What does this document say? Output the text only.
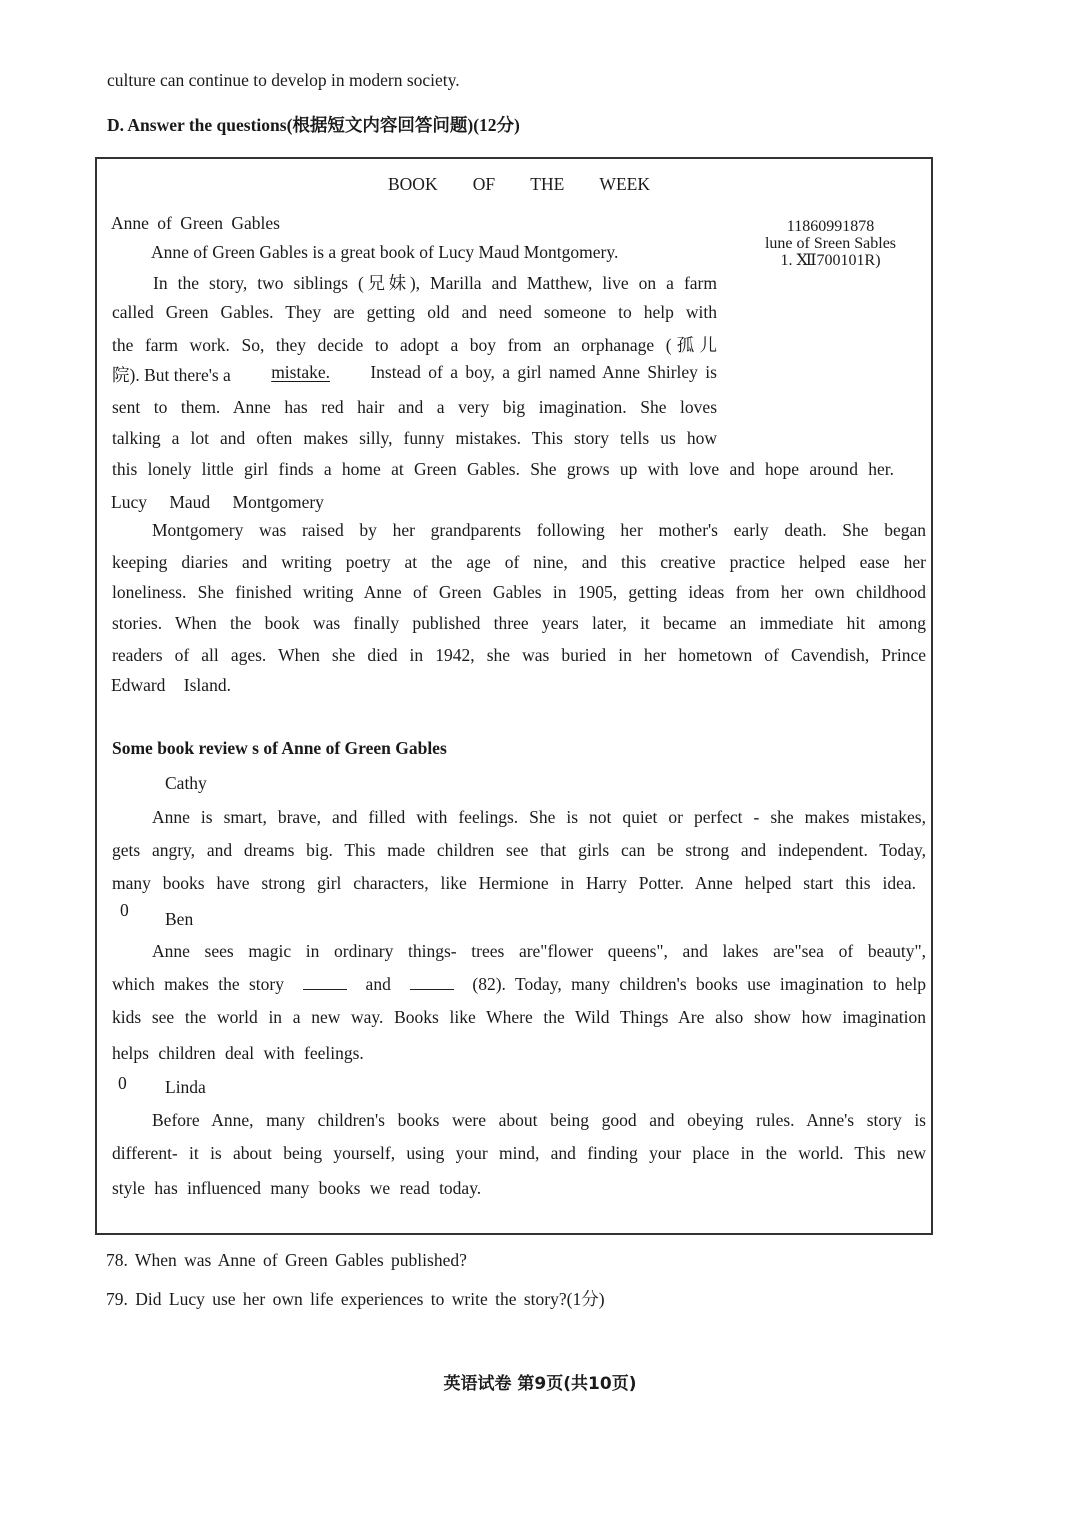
culture can continue to develop in modern society.
D. Answer the questions(根据短文内容回答问题)(12分)
BOOK OF THE WEEK
11860991878
lune of Sreen Sables
1. Ⅻ700101R)
Anne of Green Gables
Anne of Green Gables is a great book of Lucy Maud Montgomery.
In the story, two siblings (兄妹), Marilla and Matthew, live on a farm
called Green Gables. They are getting old and need someone to help with
the farm work. So, they decide to adopt a boy from an orphanage (孤儿
院). But there's a mistake. Instead of a boy, a girl named Anne Shirley is
sent to them. Anne has red hair and a very big imagination. She loves
talking a lot and often makes silly, funny mistakes. This story tells us how
this lonely little girl finds a home at Green Gables. She grows up with love and hope around her.
Lucy Maud Montgomery
Montgomery was raised by her grandparents following her mother's early death. She began
keeping diaries and writing poetry at the age of nine, and this creative practice helped ease her
loneliness. She finished writing Anne of Green Gables in 1905, getting ideas from her own childhood
stories. When the book was finally published three years later, it became an immediate hit among
readers of all ages. When she died in 1942, she was buried in her hometown of Cavendish, Prince
Edward Island.
Some book review s of Anne of Green Gables
Cathy
Anne is smart, brave, and filled with feelings. She is not quiet or perfect - she makes mistakes,
gets angry, and dreams big. This made children see that girls can be strong and independent. Today,
many books have strong girl characters, like Hermione in Harry Potter. Anne helped start this idea.
0 Ben
Anne sees magic in ordinary things- trees are"flower queens", and lakes are"sea of beauty",
which makes the story	and	(82). Today, many children's books use imagination to help
kids see the world in a new way. Books like Where the Wild Things Are also show how imagination
helps children deal with feelings.
0 Linda
Before Anne, many children's books were about being good and obeying rules. Anne's story is
different- it is about being yourself, using your mind, and finding your place in the world. This new
style has influenced many books we read today.
78. When was Anne of Green Gables published?
79. Did Lucy use her own life experiences to write the story?(1分)
英语试卷 第9页(共10页)
